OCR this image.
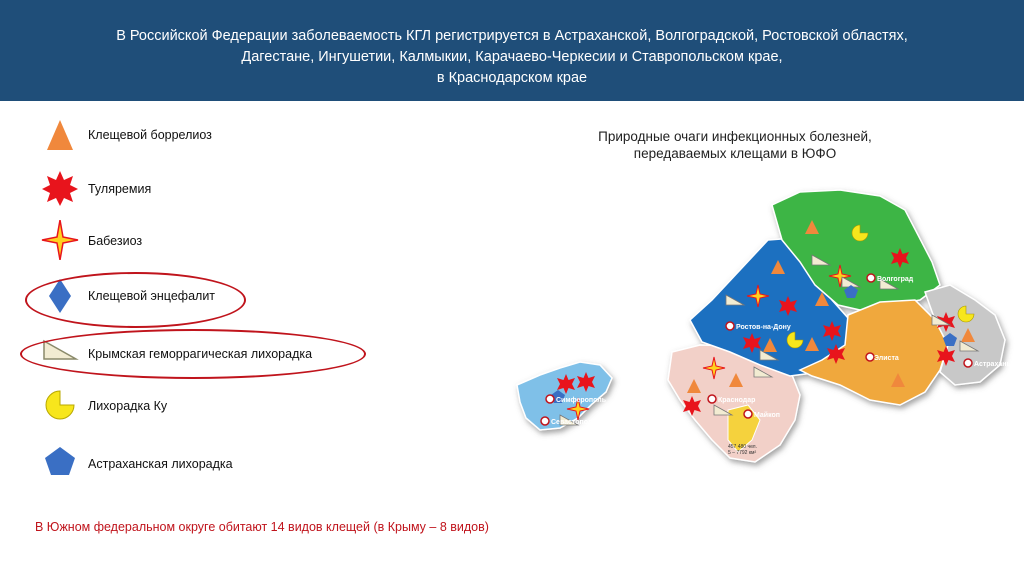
В Российской Федерации заболеваемость КГЛ регистрируется в Астраханской, Волгоградской, Ростовской областях,
Дагестане, Ингушетии, Калмыкии, Карачаево-Черкесии и Ставропольском крае,
в Краснодарском крае
Клещевой боррелиоз
Туляремия
Бабезиоз
Клещевой энцефалит
Крымская геморрагическая лихорадка
Лихорадка Ку
Астраханская лихорадка
Природные очаги инфекционных болезней,
передаваемых клещами в ЮФО
Волгоград
Ростов-на-Дону
Элиста
Астрахань
Краснодар
Майкоп
Симферополь
Севастополь
457 480 чел.
5 – 7792 км²
В Южном федеральном округе обитают 14 видов клещей (в Крыму – 8 видов)
